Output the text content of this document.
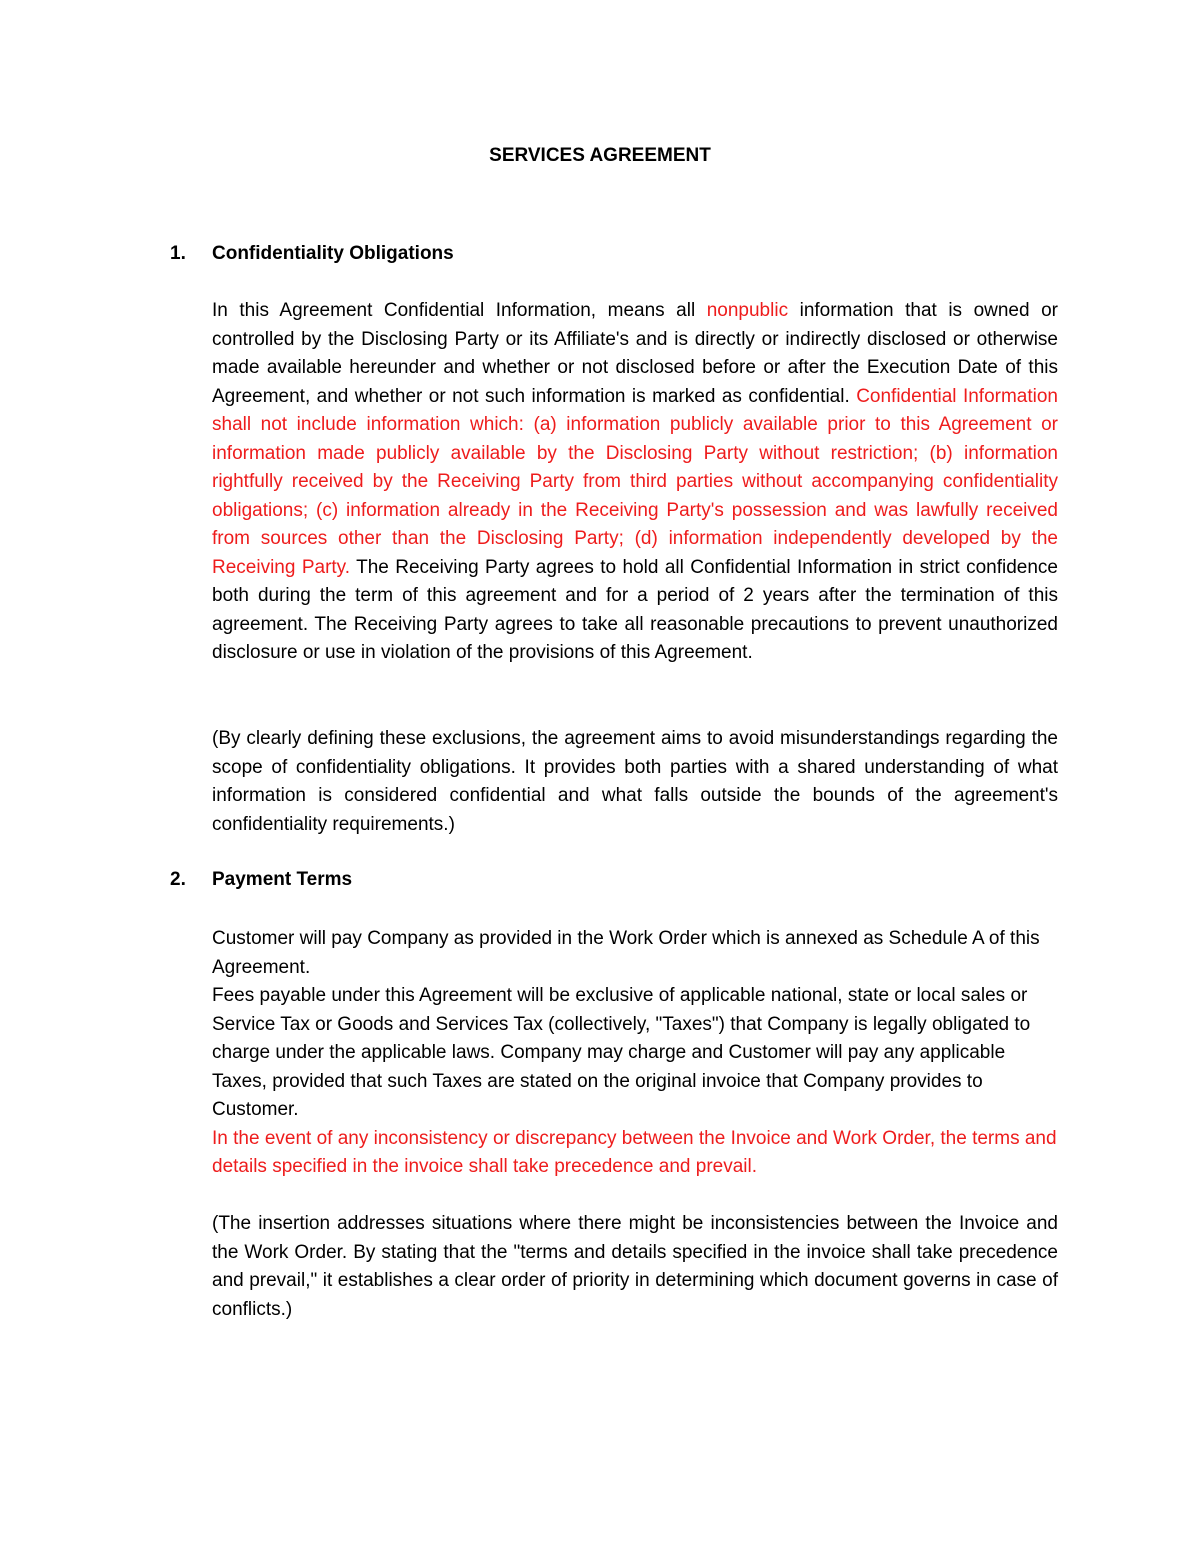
SERVICES AGREEMENT
1. Confidentiality Obligations

In this Agreement Confidential Information, means all nonpublic information that is owned or controlled by the Disclosing Party or its Affiliate's and is directly or indirectly disclosed or otherwise made available hereunder and whether or not disclosed before or after the Execution Date of this Agreement, and whether or not such information is marked as confidential. Confidential Information shall not include information which: (a) information publicly available prior to this Agreement or information made publicly available by the Disclosing Party without restriction; (b) information rightfully received by the Receiving Party from third parties without accompanying confidentiality obligations; (c) information already in the Receiving Party's possession and was lawfully received from sources other than the Disclosing Party; (d) information independently developed by the Receiving Party. The Receiving Party agrees to hold all Confidential Information in strict confidence both during the term of this agreement and for a period of 2 years after the termination of this agreement. The Receiving Party agrees to take all reasonable precautions to prevent unauthorized disclosure or use in violation of the provisions of this Agreement.

(By clearly defining these exclusions, the agreement aims to avoid misunderstandings regarding the scope of confidentiality obligations. It provides both parties with a shared understanding of what information is considered confidential and what falls outside the bounds of the agreement's confidentiality requirements.)

2. Payment Terms

Customer will pay Company as provided in the Work Order which is annexed as Schedule A of this Agreement.

Fees payable under this Agreement will be exclusive of applicable national, state or local sales or Service Tax or Goods and Services Tax (collectively, "Taxes") that Company is legally obligated to charge under the applicable laws. Company may charge and Customer will pay any applicable Taxes, provided that such Taxes are stated on the original invoice that Company provides to Customer.

In the event of any inconsistency or discrepancy between the Invoice and Work Order, the terms and details specified in the invoice shall take precedence and prevail.

(The insertion addresses situations where there might be inconsistencies between the Invoice and the Work Order. By stating that the "terms and details specified in the invoice shall take precedence and prevail," it establishes a clear order of priority in determining which document governs in case of conflicts.)
